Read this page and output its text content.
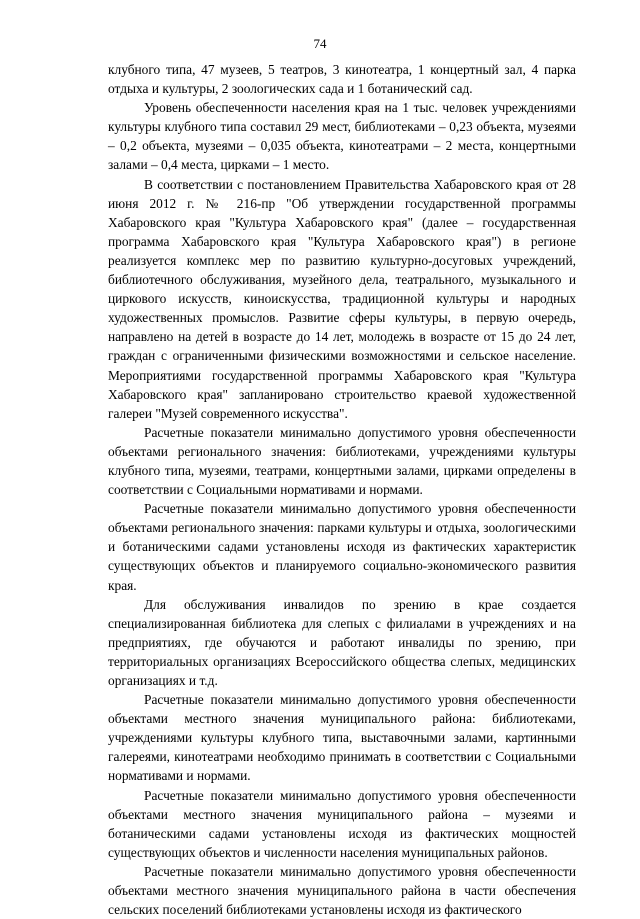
74

клубного типа, 47 музеев, 5 театров, 3 кинотеатра, 1 концертный зал, 4 парка отдыха и культуры, 2 зоологических сада и 1 ботанический сад.

Уровень обеспеченности населения края на 1 тыс. человек учреждениями культуры клубного типа составил 29 мест, библиотеками – 0,23 объекта, музеями – 0,2 объекта, музеями – 0,035 объекта, кинотеатрами – 2 места, концертными залами – 0,4 места, цирками – 1 место.

В соответствии с постановлением Правительства Хабаровского края от 28 июня 2012 г. № 216-пр "Об утверждении государственной программы Хабаровского края "Культура Хабаровского края" (далее – государственная программа Хабаровского края "Культура Хабаровского края") в регионе реализуется комплекс мер по развитию культурно-досуговых учреждений, библиотечного обслуживания, музейного дела, театрального, музыкального и циркового искусств, киноискусства, традиционной культуры и народных художественных промыслов. Развитие сферы культуры, в первую очередь, направлено на детей в возрасте до 14 лет, молодежь в возрасте от 15 до 24 лет, граждан с ограниченными физическими возможностями и сельское население. Мероприятиями государственной программы Хабаровского края "Культура Хабаровского края" запланировано строительство краевой художественной галереи "Музей современного искусства".

Расчетные показатели минимально допустимого уровня обеспеченности объектами регионального значения: библиотеками, учреждениями культуры клубного типа, музеями, театрами, концертными залами, цирками определены в соответствии с Социальными нормативами и нормами.

Расчетные показатели минимально допустимого уровня обеспеченности объектами регионального значения: парками культуры и отдыха, зоологическими и ботаническими садами установлены исходя из фактических характеристик существующих объектов и планируемого социально-экономического развития края.

Для обслуживания инвалидов по зрению в крае создается специализированная библиотека для слепых с филиалами в учреждениях и на предприятиях, где обучаются и работают инвалиды по зрению, при территориальных организациях Всероссийского общества слепых, медицинских организациях и т.д.

Расчетные показатели минимально допустимого уровня обеспеченности объектами местного значения муниципального района: библиотеками, учреждениями культуры клубного типа, выставочными залами, картинными галереями, кинотеатрами необходимо принимать в соответствии с Социальными нормативами и нормами.

Расчетные показатели минимально допустимого уровня обеспеченности объектами местного значения муниципального района – музеями и ботаническими садами установлены исходя из фактических мощностей существующих объектов и численности населения муниципальных районов.

Расчетные показатели минимально допустимого уровня обеспеченности объектами местного значения муниципального района в части обеспечения сельских поселений библиотеками установлены исходя из фактического
